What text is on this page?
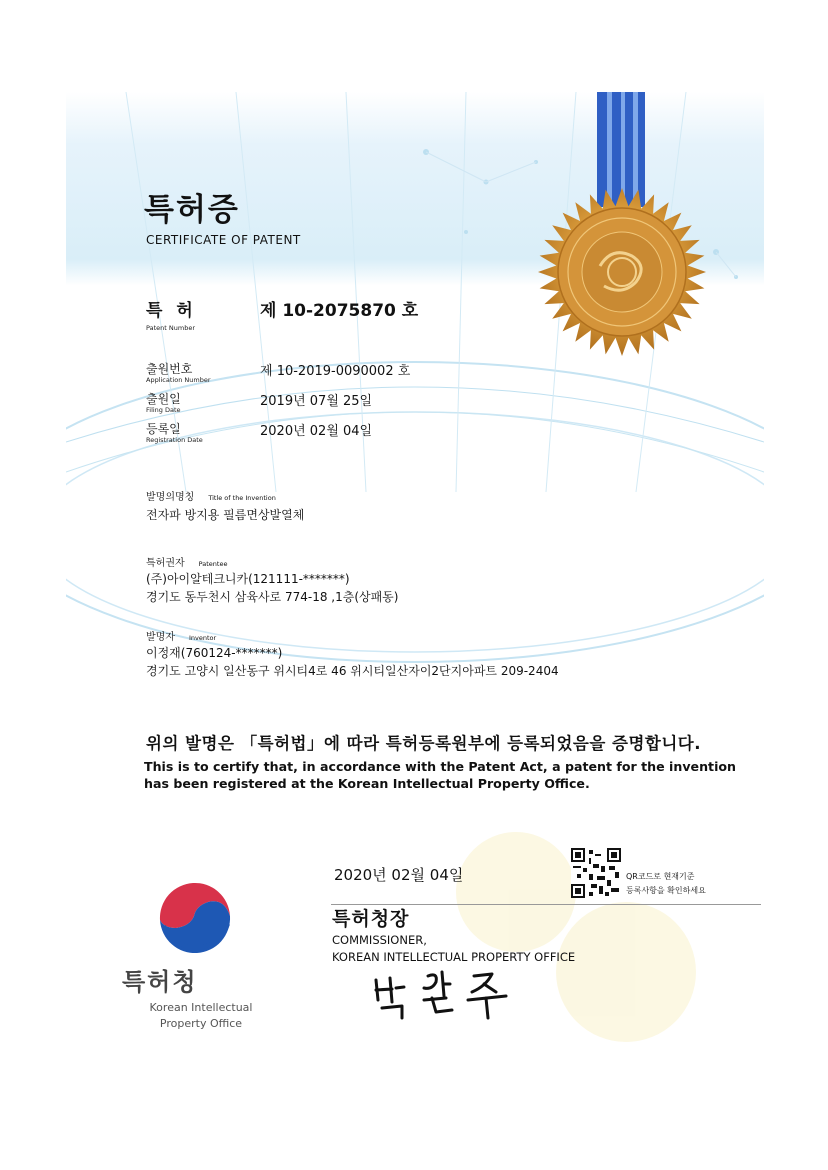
특허증
CERTIFICATE OF PATENT
특 허
Patent Number
제 10-2075870 호
출원번호
Application Number
제 10-2019-0090002 호
출원일
Filing Date
2019년 07월 25일
등록일
Registration Date
2020년 02월 04일
발명의명칭 Title of the Invention
전자파 방지용 필름면상발열체
특허권자 Patentee
(주)아이알테크니카(121111-*******)
경기도 동두천시 삼육사로 774-18 ,1층(상패동)
발명자 Inventor
이정재(760124-*******)
경기도 고양시 일산동구 위시티4로 46 위시티일산자이2단지아파트 209-2404
위의 발명은 「특허법」에 따라 특허등록원부에 등록되었음을 증명합니다.
This is to certify that, in accordance with the Patent Act, a patent for the invention
has been registered at the Korean Intellectual Property Office.
2020년 02월 04일	QR코드로 현재기준
등록사항을 확인하세요
특허청장
COMMISSIONER,
KOREAN INTELLECTUAL PROPERTY OFFICE
특허청
Korean Intellectual
Property Office
